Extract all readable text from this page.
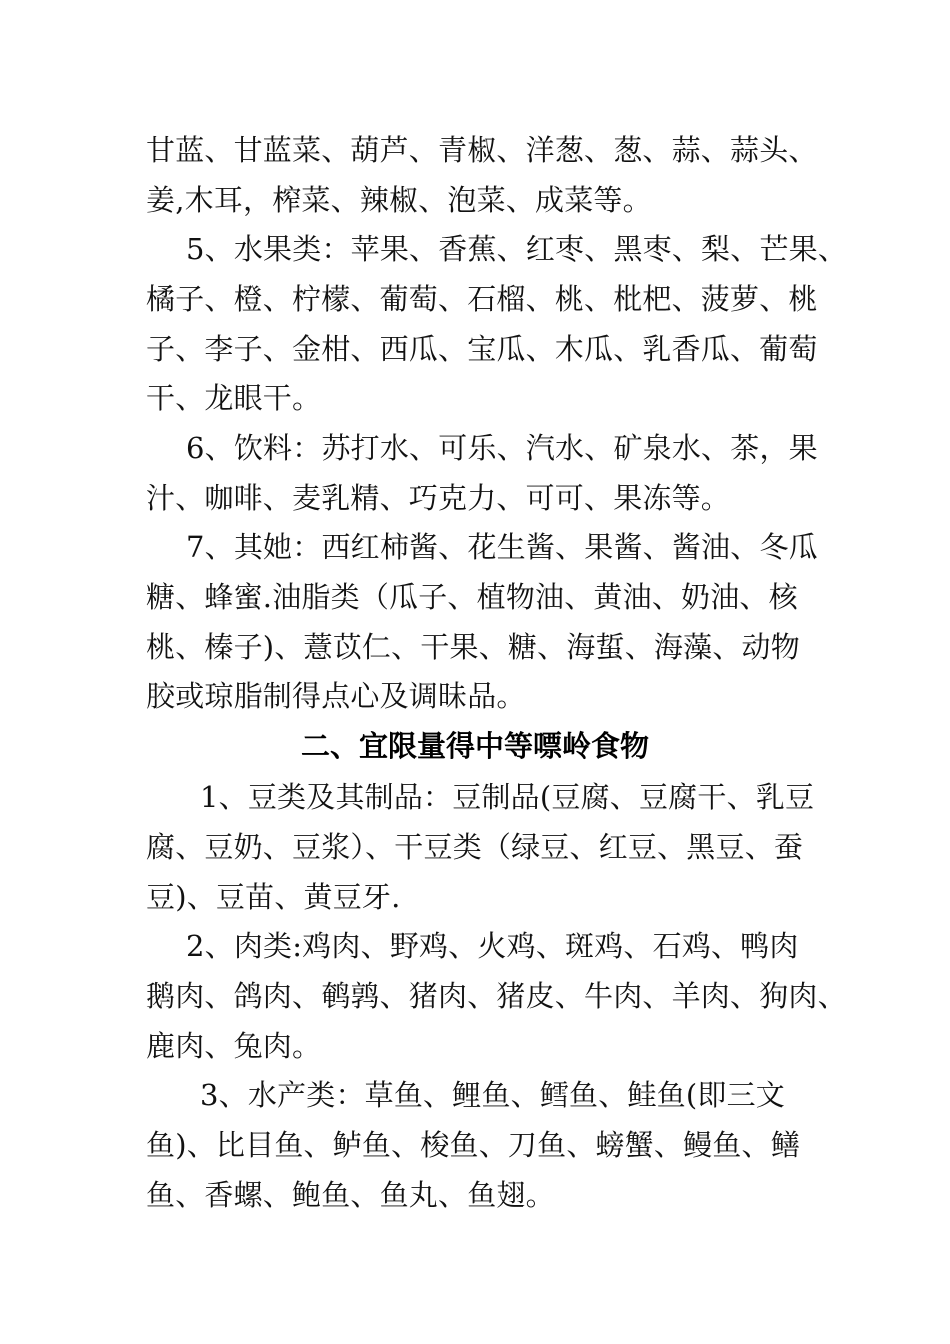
甘蓝、甘蓝菜、葫芦、青椒、洋葱、葱、蒜、蒜头、
姜,木耳，榨菜、辣椒、泡菜、成菜等。
5、水果类：苹果、香蕉、红枣、黑枣、梨、芒果、
橘子、橙、柠檬、葡萄、石榴、桃、枇杷、菠萝、桃
子、李子、金柑、西瓜、宝瓜、木瓜、乳香瓜、葡萄
干、龙眼干。
6、饮料：苏打水、可乐、汽水、矿泉水、茶，果
汁、咖啡、麦乳精、巧克力、可可、果冻等。
7、其她：西红柿酱、花生酱、果酱、酱油、冬瓜
糖、蜂蜜.油脂类（瓜子、植物油、黄油、奶油、核
桃、榛子)、薏苡仁、干果、糖、海蜇、海藻、动物
胶或琼脂制得点心及调昧品。
二、宜限量得中等嘌岭食物
1、豆类及其制品：豆制品(豆腐、豆腐干、乳豆
腐、豆奶、豆浆）、干豆类（绿豆、红豆、黑豆、蚕
豆)、豆苗、黄豆牙.
2、肉类:鸡肉、野鸡、火鸡、斑鸡、石鸡、鸭肉
鹅肉、鸽肉、鹌鹑、猪肉、猪皮、牛肉、羊肉、狗肉、
鹿肉、兔肉。
3、水产类：草鱼、鲤鱼、鳕鱼、鲑鱼(即三文
鱼)、比目鱼、鲈鱼、梭鱼、刀鱼、螃蟹、鳗鱼、鳝
鱼、香螺、鲍鱼、鱼丸、鱼翅。
